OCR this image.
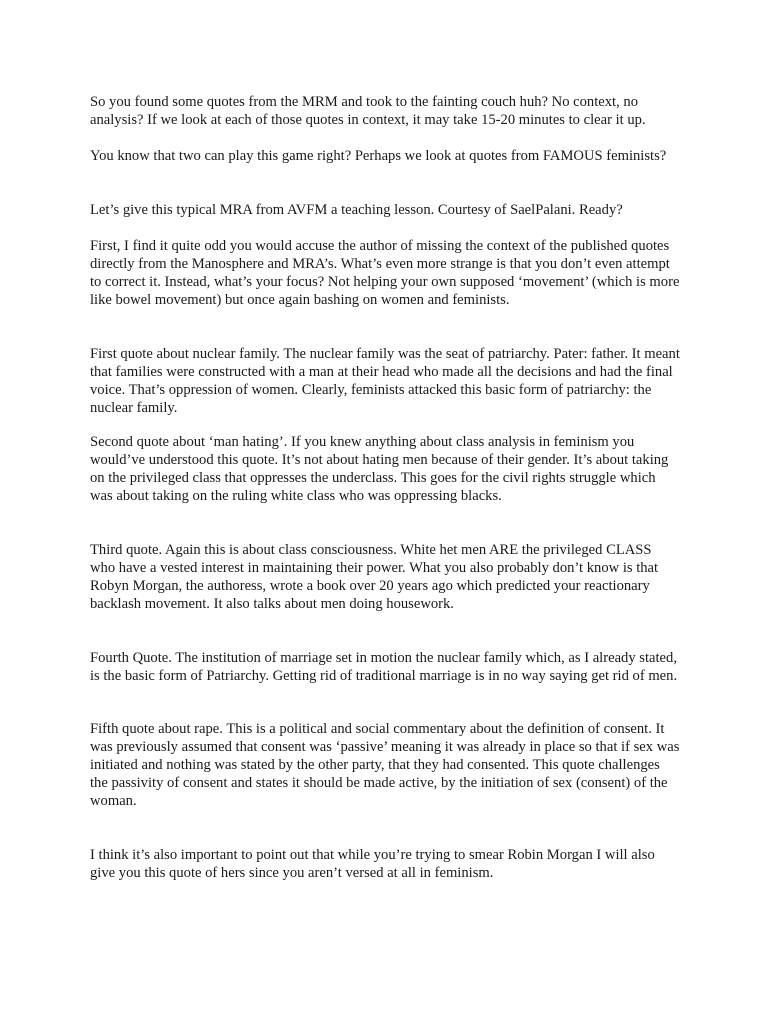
So you found some quotes from the MRM and took to the fainting couch huh? No context, no analysis? If we look at each of those quotes in context, it may take 15-20 minutes to clear it up.

You know that two can play this game right? Perhaps we look at quotes from FAMOUS feminists?

Let’s give this typical MRA from AVFM a teaching lesson. Courtesy of SaelPalani. Ready?

First, I find it quite odd you would accuse the author of missing the context of the published quotes directly from the Manosphere and MRA’s. What’s even more strange is that you don’t even attempt to correct it. Instead, what’s your focus? Not helping your own supposed ‘movement’ (which is more like bowel movement) but once again bashing on women and feminists.

First quote about nuclear family. The nuclear family was the seat of patriarchy. Pater: father. It meant that families were constructed with a man at their head who made all the decisions and had the final voice. That’s oppression of women. Clearly, feminists attacked this basic form of patriarchy: the nuclear family.

Second quote about ‘man hating’. If you knew anything about class analysis in feminism you would’ve understood this quote. It’s not about hating men because of their gender. It’s about taking on the privileged class that oppresses the underclass. This goes for the civil rights struggle which was about taking on the ruling white class who was oppressing blacks.

Third quote. Again this is about class consciousness. White het men ARE the privileged CLASS who have a vested interest in maintaining their power. What you also probably don’t know is that Robyn Morgan, the authoress, wrote a book over 20 years ago which predicted your reactionary backlash movement. It also talks about men doing housework.

Fourth Quote. The institution of marriage set in motion the nuclear family which, as I already stated, is the basic form of Patriarchy. Getting rid of traditional marriage is in no way saying get rid of men.

Fifth quote about rape. This is a political and social commentary about the definition of consent. It was previously assumed that consent was ‘passive’ meaning it was already in place so that if sex was initiated and nothing was stated by the other party, that they had consented. This quote challenges the passivity of consent and states it should be made active, by the initiation of sex (consent) of the woman.

I think it’s also important to point out that while you’re trying to smear Robin Morgan I will also give you this quote of hers since you aren’t versed at all in feminism.
